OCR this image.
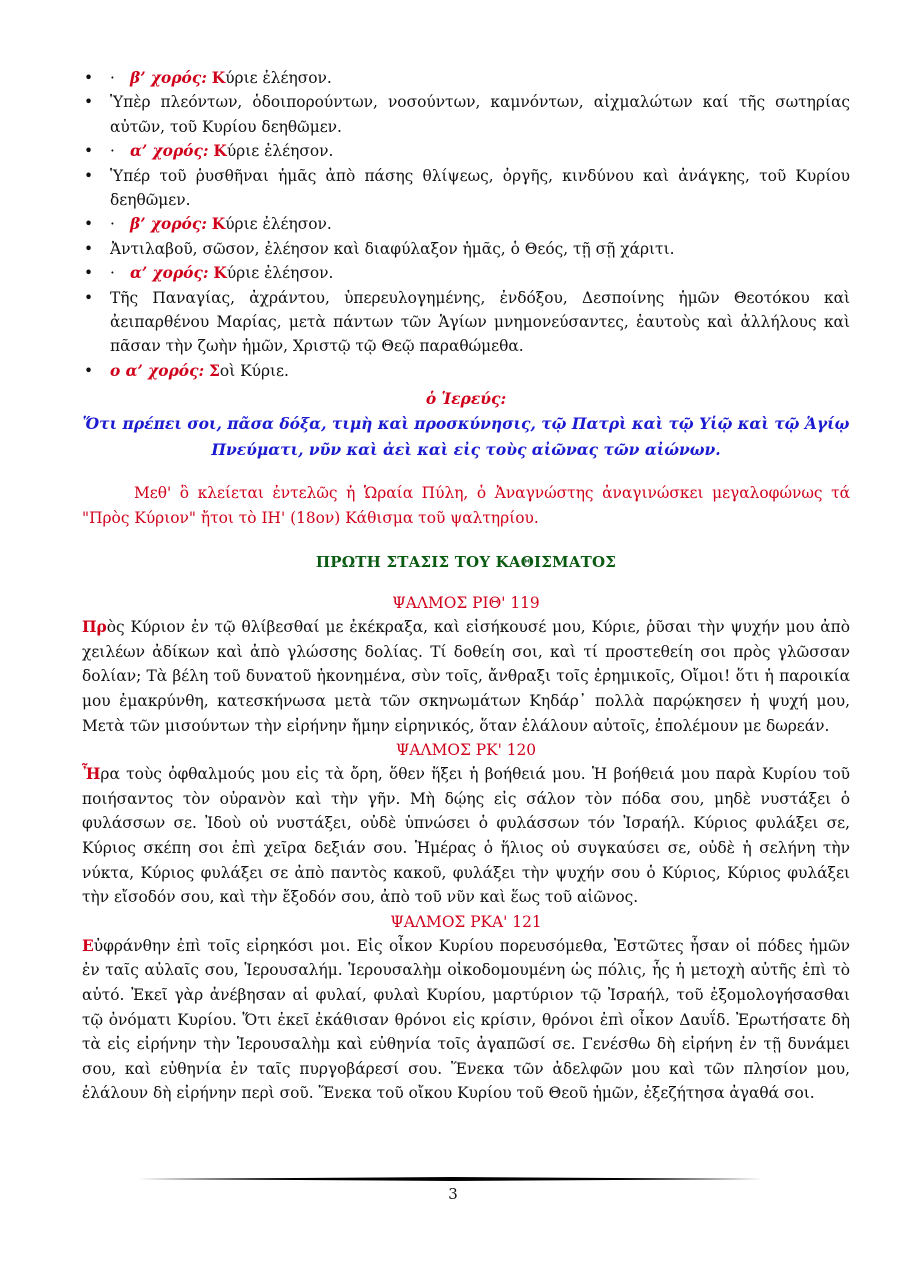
• · β’ χορός: Κύριε ἐλέησον.
• Ὑπὲρ πλεόντων, ὁδοιπορούντων, νοσούντων, καμνόντων, αἰχμαλώτων καί τῆς σωτηρίας αὐτῶν, τοῦ Κυρίου δεηθῶμεν.
• · α’ χορός: Κύριε ἐλέησον.
• Ὑπέρ τοῦ ῥυσθῆναι ἡμᾶς ἀπὸ πάσης θλίψεως, ὀργῆς, κινδύνου καὶ ἀνάγκης, τοῦ Κυρίου δεηθῶμεν.
• · β’ χορός: Κύριε ἐλέησον.
• Ἀντιλαβοῦ, σῶσον, ἐλέησον καὶ διαφύλαξον ἡμᾶς, ὁ Θεός, τῇ σῇ χάριτι.
• · α’ χορός: Κύριε ἐλέησον.
• Τῆς Παναγίας, ἀχράντου, ὑπερευλογημένης, ἐνδόξου, Δεσποίνης ἡμῶν Θεοτόκου καὶ ἀειπαρθένου Μαρίας, μετὰ πάντων τῶν Ἁγίων μνημονεύσαντες, ἑαυτοὺς καὶ ἀλλήλους καὶ πᾶσαν τὴν ζωὴν ἡμῶν, Χριστῷ τῷ Θεῷ παραθώμεθα.
• ο α’ χορός: Σοὶ Κύριε.
ὁ Ἱερεύς:
Ὅτι πρέπει σοι, πᾶσα δόξα, τιμὴ καὶ προσκύνησις, τῷ Πατρὶ καὶ τῷ Υἱῷ καὶ τῷ Ἁγίῳ
Πνεύματι, νῦν καὶ ἀεὶ καὶ εἰς τοὺς αἰῶνας τῶν αἰώνων.
Μεθ' ὃ κλείεται ἐντελῶς ἡ Ὡραία Πύλη, ὁ Ἀναγνώστης ἀναγινώσκει μεγαλοφώνως τά "Πρὸς Κύριον" ἤτοι τὸ ΙΗ' (18ον) Κάθισμα τοῦ ψαλτηρίου.
ΠΡΩΤΗ ΣΤΑΣΙΣ ΤΟΥ ΚΑΘΙΣΜΑΤΟΣ
ΨΑΛΜΟΣ ΡΙΘ' 119
Πρὸς Κύριον ἐν τῷ θλίβεσθαί με ἐκέκραξα, καὶ εἰσήκουσέ μου, Κύριε, ῥῦσαι τὴν ψυχήν μου ἀπὸ χειλέων ἀδίκων καὶ ἀπὸ γλώσσης δολίας. Τί δοθείη σοι, καὶ τί προστεθείη σοι πρὸς γλῶσσαν δολίαν; Τὰ βέλη τοῦ δυνατοῦ ἠκονημένα, σὺν τοῖς, ἄνθραξι τοῖς ἐρημικοῖς, Οἴμοι! ὅτι ἡ παροικία μου ἐμακρύνθη, κατεσκήνωσα μετὰ τῶν σκηνωμάτων Κηδάρ᾽ πολλὰ παρῴκησεν ἡ ψυχή μου, Μετὰ τῶν μισούντων τὴν εἰρήνην ἤμην εἰρηνικός, ὅταν ἐλάλουν αὐτοῖς, ἐπολέμουν με δωρεάν.
ΨΑΛΜΟΣ ΡΚ' 120
Ἦρα τοὺς ὀφθαλμούς μου εἰς τὰ ὄρη, ὅθεν ἥξει ἡ βοήθειά μου. Ἡ βοήθειά μου παρὰ Κυρίου τοῦ ποιήσαντος τὸν οὐρανὸν καὶ τὴν γῆν. Μὴ δῴης εἰς σάλον τὸν πόδα σου, μηδὲ νυστάξει ὁ φυλάσσων σε. Ἰδοὺ οὐ νυστάξει, οὐδὲ ὑπνώσει ὁ φυλάσσων τόν Ἰσραήλ. Κύριος φυλάξει σε, Κύριος σκέπη σοι ἐπὶ χεῖρα δεξιάν σου. Ἡμέρας ὁ ἥλιος οὐ συγκαύσει σε, οὐδὲ ἡ σελήνη τὴν νύκτα, Κύριος φυλάξει σε ἀπὸ παντὸς κακοῦ, φυλάξει τὴν ψυχήν σου ὁ Κύριος, Κύριος φυλάξει τὴν εἴσοδόν σου, καὶ τὴν ἔξοδόν σου, ἀπὸ τοῦ νῦν καὶ ἕως τοῦ αἰῶνος.
ΨΑΛΜΟΣ ΡΚΑ' 121
Εὐφράνθην ἐπὶ τοῖς εἰρηκόσι μοι. Εἰς οἶκον Κυρίου πορευσόμεθα, Ἑστῶτες ἦσαν οἱ πόδες ἡμῶν ἐν ταῖς αὐλαῖς σου, Ἱερουσαλήμ. Ἱερουσαλὴμ οἰκοδομουμένη ὡς πόλις, ἧς ἡ μετοχὴ αὐτῆς ἐπὶ τὸ αὐτό. Ἐκεῖ γὰρ ἀνέβησαν αἱ φυλαί, φυλαὶ Κυρίου, μαρτύριον τῷ Ἰσραήλ, τοῦ ἐξομολογήσασθαι τῷ ὀνόματι Κυρίου. Ὅτι ἐκεῖ ἐκάθισαν θρόνοι εἰς κρίσιν, θρόνοι ἐπὶ οἶκον Δαυΐδ. Ἐρωτήσατε δὴ τὰ εἰς εἰρήνην τὴν Ἱερουσαλὴμ καὶ εὐθηνία τοῖς ἀγαπῶσί σε. Γενέσθω δὴ εἰρήνη ἐν τῇ δυνάμει σου, καὶ εὐθηνία ἐν ταῖς πυργοβάρεσί σου. Ἕνεκα τῶν ἀδελφῶν μου καὶ τῶν πλησίον μου, ἐλάλουν δὴ εἰρήνην περὶ σοῦ. Ἕνεκα τοῦ οἴκου Κυρίου τοῦ Θεοῦ ἡμῶν, ἐξεζήτησα ἀγαθά σοι.
3
